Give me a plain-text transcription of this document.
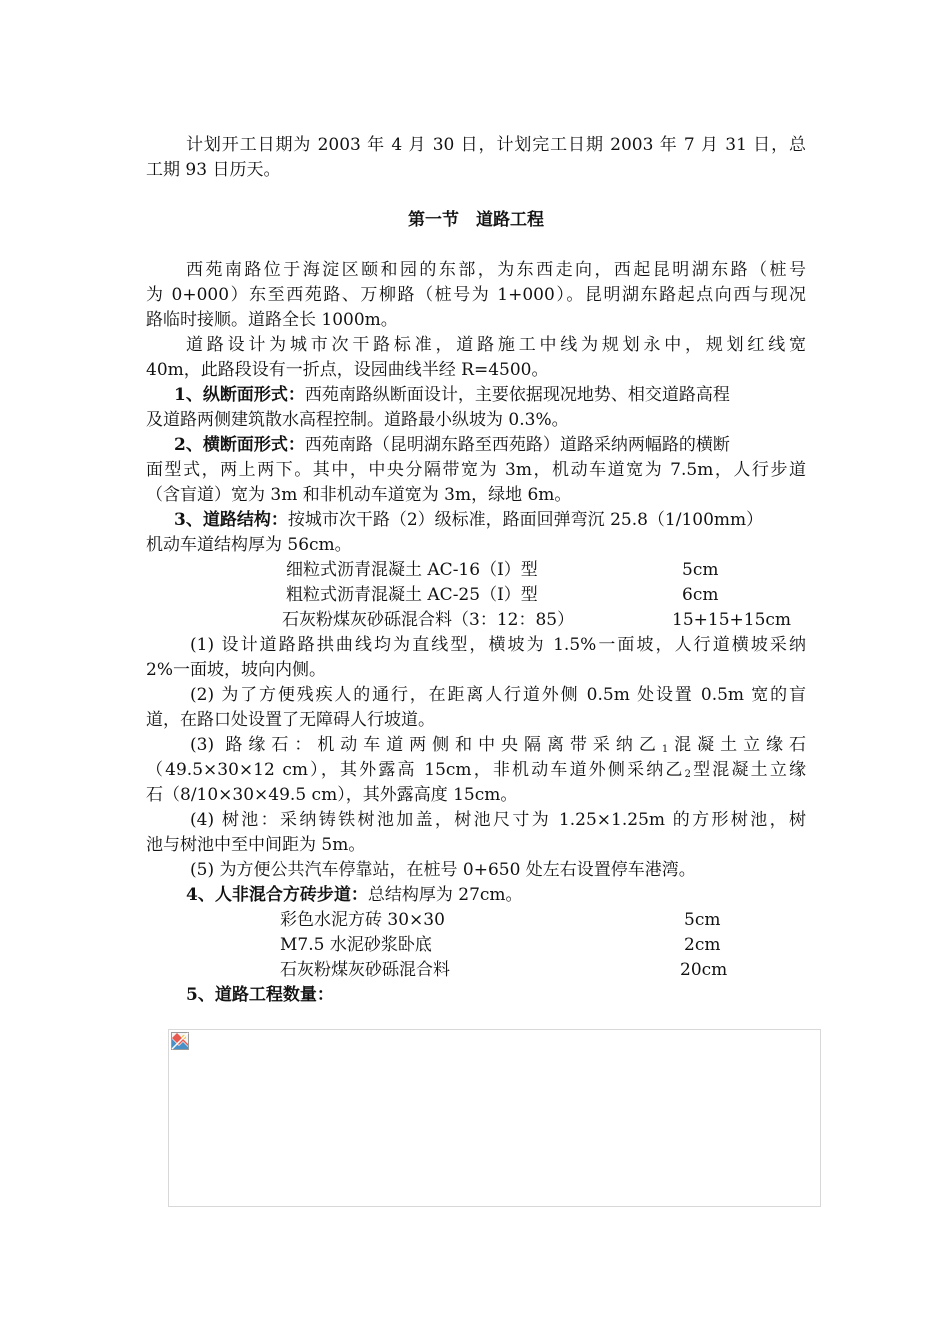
计划开工日期为 2003 年 4 月 30 日，计划完工日期 2003 年 7 月 31 日，总
工期 93 日历天。
第一节　道路工程
西苑南路位于海淀区颐和园的东部，为东西走向，西起昆明湖东路（桩号
为 0+000）东至西苑路、万柳路（桩号为 1+000）。昆明湖东路起点向西与现况
路临时接顺。道路全长 1000m。
道路设计为城市次干路标准，道路施工中线为规划永中，规划红线宽
40m，此路段设有一折点，设园曲线半经 R=4500。
1、纵断面形式：西苑南路纵断面设计，主要依据现况地势、相交道路高程
及道路两侧建筑散水高程控制。道路最小纵坡为 0.3%。
2、横断面形式：西苑南路（昆明湖东路至西苑路）道路采纳两幅路的横断
面型式，两上两下。其中，中央分隔带宽为 3m，机动车道宽为 7.5m，人行步道
（含盲道）宽为 3m 和非机动车道宽为 3m，绿地 6m。
3、道路结构：按城市次干路（2）级标准，路面回弹弯沉 25.8（1/100mm）
机动车道结构厚为 56cm。
细粒式沥青混凝土 AC-16（Ⅰ）型	5cm
粗粒式沥青混凝土 AC-25（Ⅰ）型	6cm
石灰粉煤灰砂砾混合料（3：12：85）	15+15+15cm
(1) 设计道路路拱曲线均为直线型，横坡为 1.5%一面坡，人行道横坡采纳
2%一面坡，坡向内侧。
(2) 为了方便残疾人的通行，在距离人行道外侧 0.5m 处设置 0.5m 宽的盲
道，在路口处设置了无障碍人行坡道。
(3) 路缘石：机动车道两侧和中央隔离带采纳乙$_1$混凝土立缘石
（49.5×30×12 cm），其外露高 15cm，非机动车道外侧采纳乙$_2$型混凝土立缘
石（8/10×30×49.5 cm），其外露高度 15cm。
(4) 树池：采纳铸铁树池加盖，树池尺寸为 1.25×1.25m 的方形树池，树
池与树池中至中间距为 5m。
(5) 为方便公共汽车停靠站，在桩号 0+650 处左右设置停车港湾。
4、人非混合方砖步道：总结构厚为 27cm。
彩色水泥方砖 30×30	5cm
M7.5 水泥砂浆卧底	2cm
石灰粉煤灰砂砾混合料	20cm
5、道路工程数量：
